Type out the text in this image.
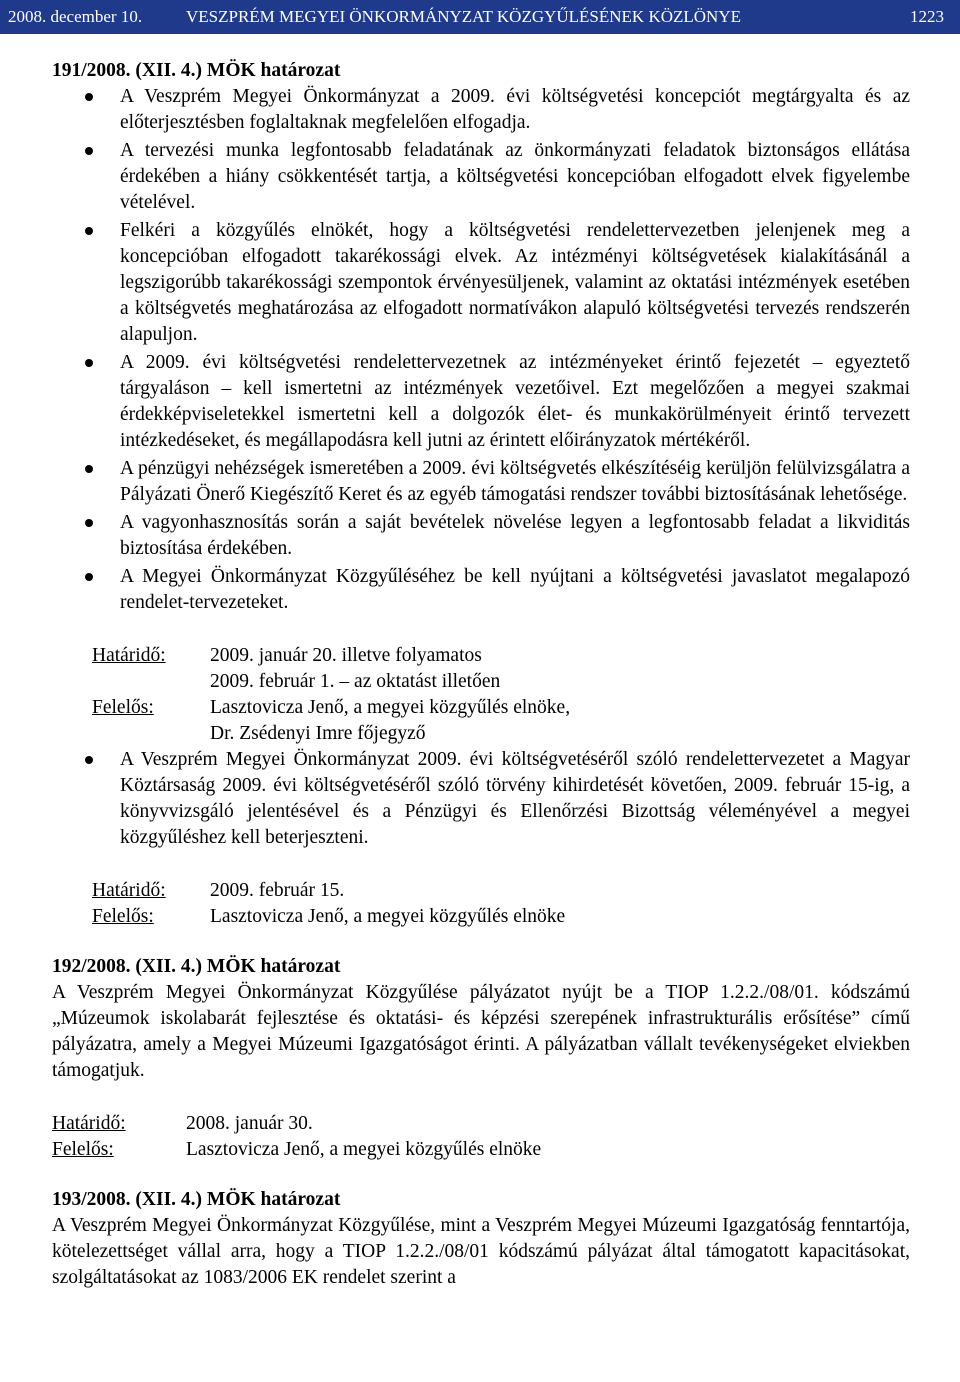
2008. december 10.	VESZPRÉM MEGYEI ÖNKORMÁNYZAT KÖZGYŰLÉSÉNEK KÖZLÖNYE	1223

191/2008. (XII. 4.) MÖK határozat

A Veszprém Megyei Önkormányzat a 2009. évi költségvetési koncepciót megtárgyalta és az előterjesztésben foglaltaknak megfelelően elfogadja.
A tervezési munka legfontosabb feladatának az önkormányzati feladatok biztonságos ellátása érdekében a hiány csökkentését tartja, a költségvetési koncepcióban elfogadott elvek figyelembe vételével.
Felkéri a közgyűlés elnökét, hogy a költségvetési rendelettervezetben jelenjenek meg a koncepcióban elfogadott takarékossági elvek. Az intézményi költségvetések kialakításánál a legszigorúbb takarékossági szempontok érvényesüljenek, valamint az oktatási intézmények esetében a költségvetés meghatározása az elfogadott normatívákon alapuló költségvetési tervezés rendszerén alapuljon.
A 2009. évi költségvetési rendelettervezetnek az intézményeket érintő fejezetét – egyeztető tárgyaláson – kell ismertetni az intézmények vezetőivel. Ezt megelőzően a megyei szakmai érdekképviseletekkel ismertetni kell a dolgozók élet- és munkakörülményeit érintő tervezett intézkedéseket, és megállapodásra kell jutni az érintett előirányzatok mértékéről.
A pénzügyi nehézségek ismeretében a 2009. évi költségvetés elkészítéséig kerüljön felülvizsgálatra a Pályázati Önerő Kiegészítő Keret és az egyéb támogatási rendszer további biztosításának lehetősége.
A vagyonhasznosítás során a saját bevételek növelése legyen a legfontosabb feladat a likviditás biztosítása érdekében.
A Megyei Önkormányzat Közgyűléséhez be kell nyújtani a költségvetési javaslatot megalapozó rendelet-tervezeteket.
Határidő:	2009. január 20. illetve folyamatos
2009. február 1. – az oktatást illetően
Felelős:	Lasztovicza Jenő, a megyei közgyűlés elnöke,
Dr. Zsédenyi Imre főjegyző
A Veszprém Megyei Önkormányzat 2009. évi költségvetéséről szóló rendelettervezetet a Magyar Köztársaság 2009. évi költségvetéséről szóló törvény kihirdetését követően, 2009. február 15-ig, a könyvvizsgáló jelentésével és a Pénzügyi és Ellenőrzési Bizottság véleményével a megyei közgyűléshez kell beterjeszteni.
Határidő:	2009. február 15.
Felelős:	Lasztovicza Jenő, a megyei közgyűlés elnöke

192/2008. (XII. 4.) MÖK határozat

A Veszprém Megyei Önkormányzat Közgyűlése pályázatot nyújt be a TIOP 1.2.2./08/01. kódszámú „Múzeumok iskolabarát fejlesztése és oktatási- és képzési szerepének infrastrukturális erősítése” című pályázatra, amely a Megyei Múzeumi Igazgatóságot érinti. A pályázatban vállalt tevékenységeket elviekben támogatjuk.

Határidő:	2008. január 30.
Felelős:	Lasztovicza Jenő, a megyei közgyűlés elnöke

193/2008. (XII. 4.) MÖK határozat

A Veszprém Megyei Önkormányzat Közgyűlése, mint a Veszprém Megyei Múzeumi Igazgatóság fenntartója, kötelezettséget vállal arra, hogy a TIOP 1.2.2./08/01 kódszámú pályázat által támogatott kapacitásokat, szolgáltatásokat az 1083/2006 EK rendelet szerint a
